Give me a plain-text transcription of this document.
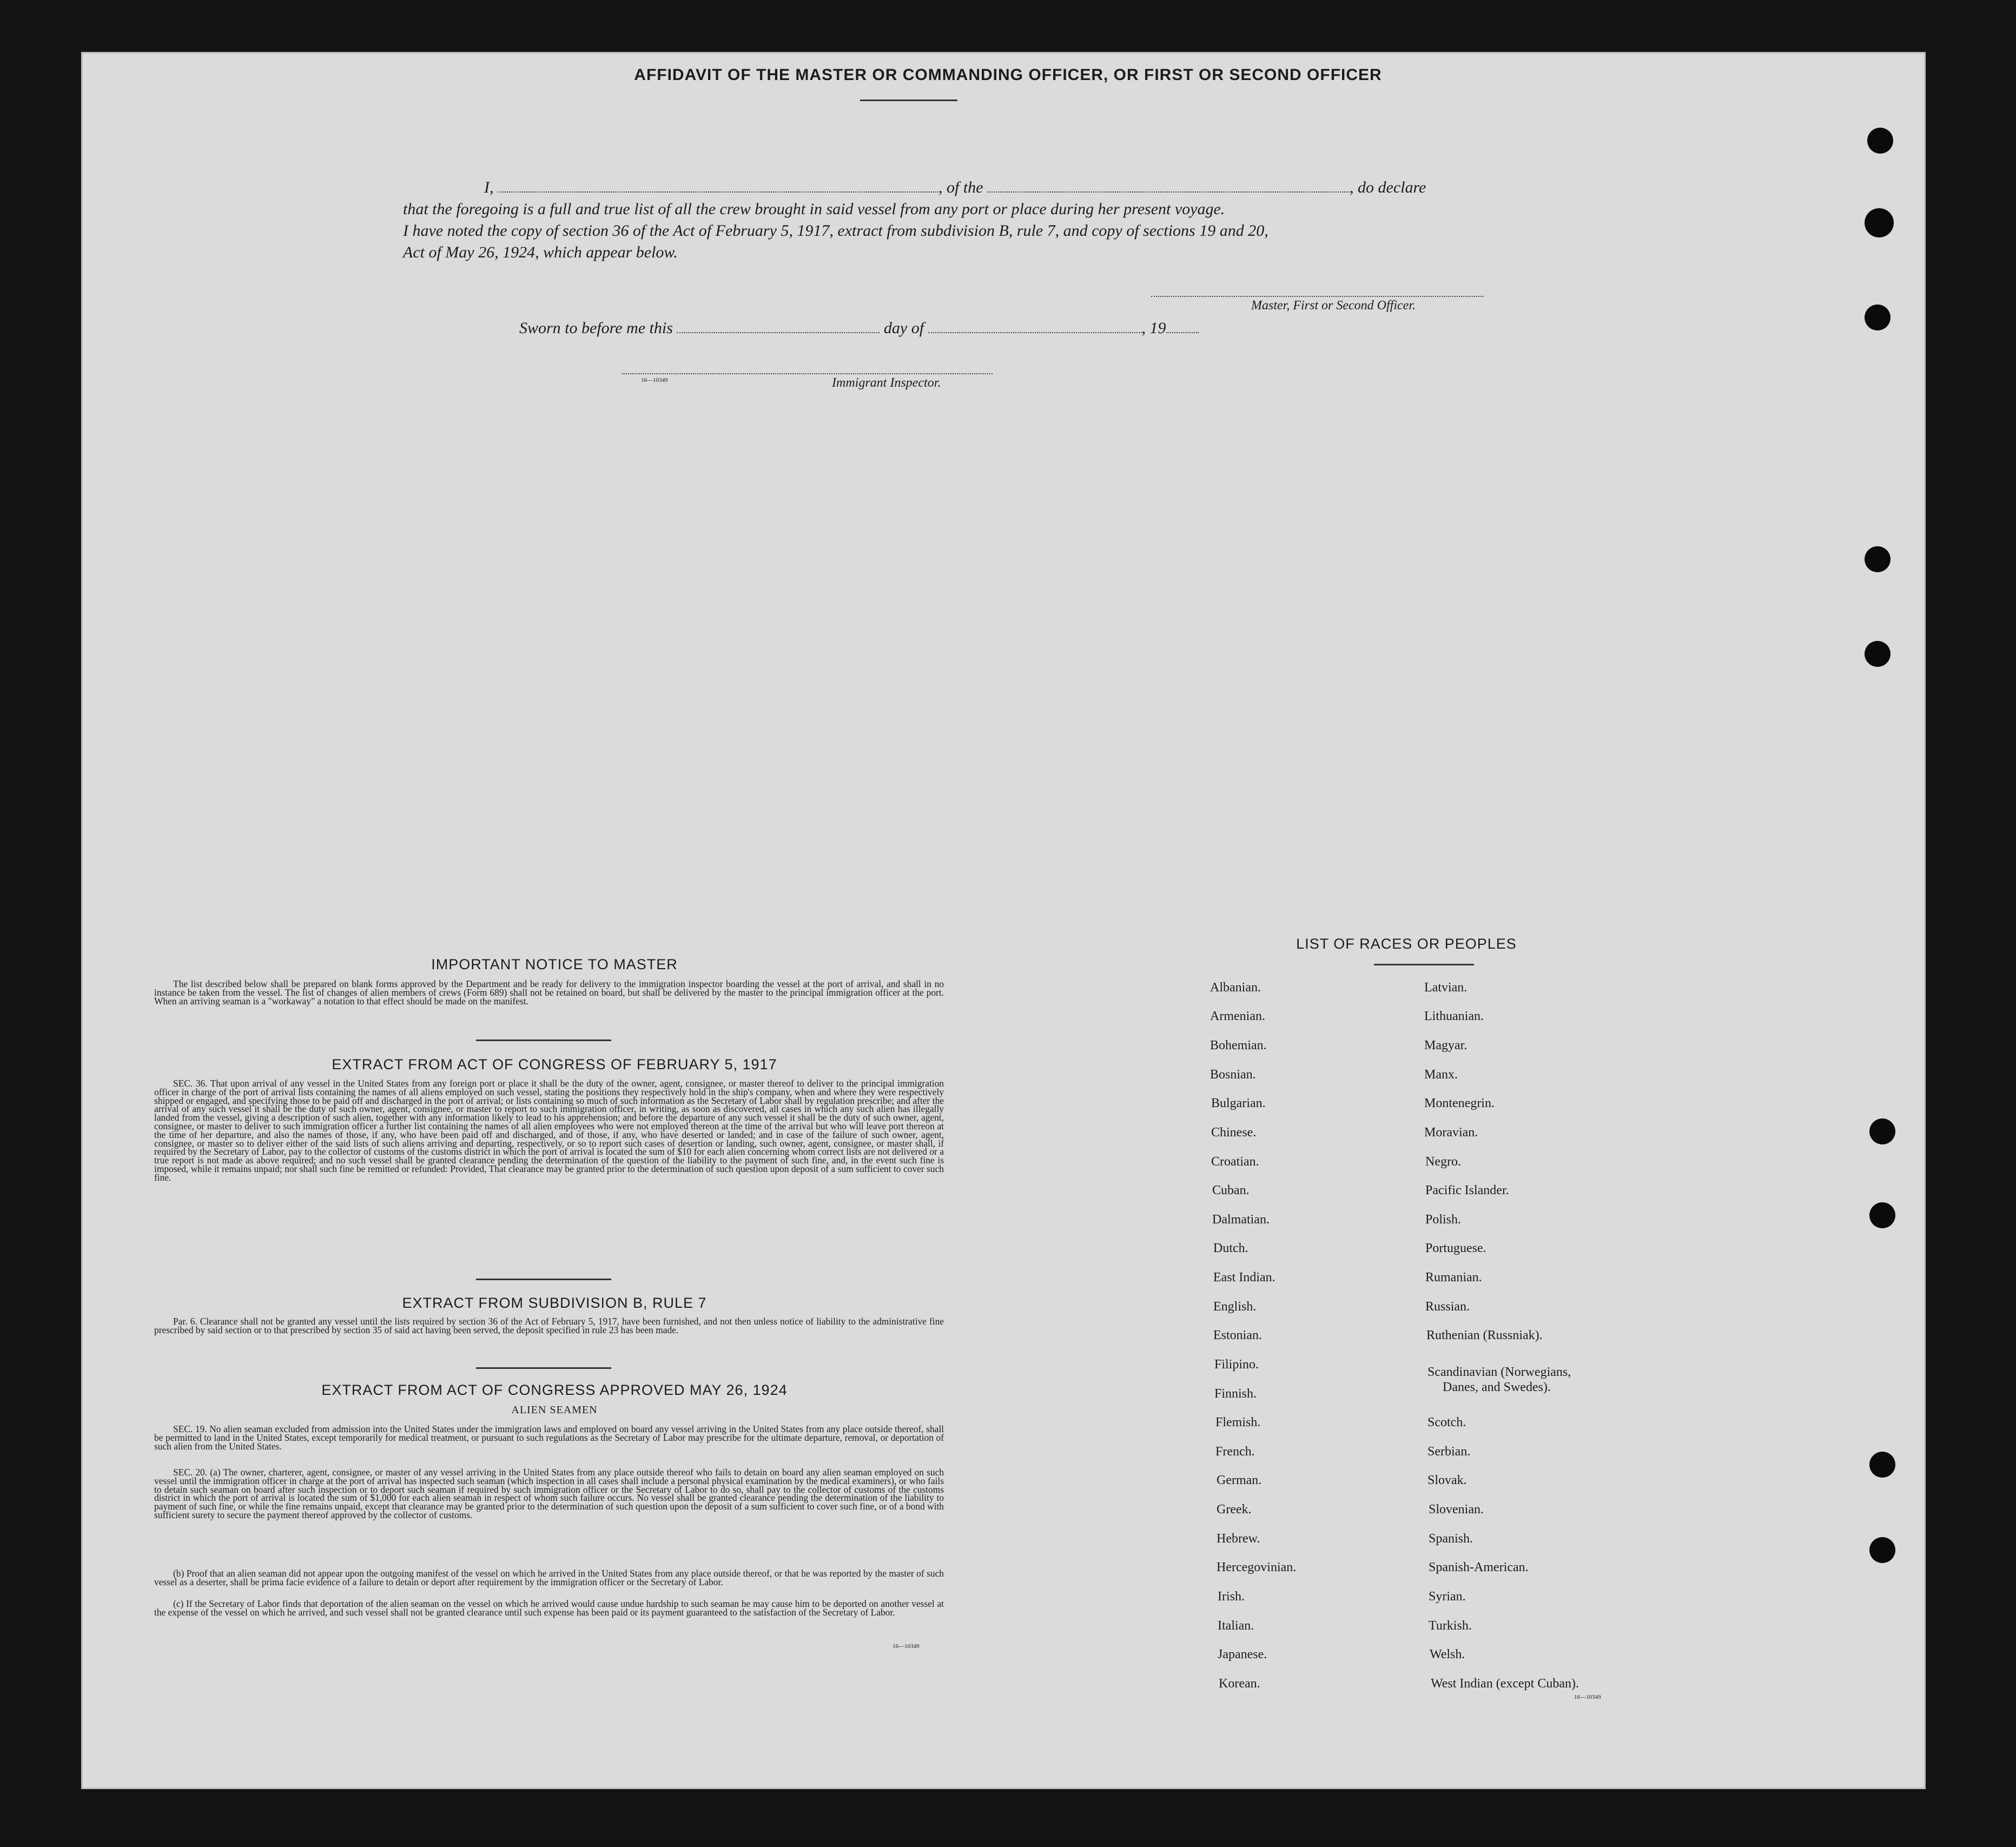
AFFIDAVIT OF THE MASTER OR COMMANDING OFFICER, OR FIRST OR SECOND OFFICER
I,	, of the	, do declare
that the foregoing is a full and true list of all the crew brought in said vessel from any port or place during her present voyage.
I have noted the copy of section 36 of the Act of February 5, 1917, extract from subdivision B, rule 7, and copy of sections 19 and 20,
Act of May 26, 1924, which appear below.
Master, First or Second Officer.
Sworn to before me this	day of	, 19
16—10349	Immigrant Inspector.
IMPORTANT NOTICE TO MASTER
The list described below shall be prepared on blank forms approved by the Department and be ready for delivery to the immigration inspector boarding the vessel at the port of arrival, and shall in no instance be taken from the vessel. The list of changes of alien members of crews (Form 689) shall not be retained on board, but shall be delivered by the master to the principal immigration officer at the port. When an arriving seaman is a "workaway" a notation to that effect should be made on the manifest.
EXTRACT FROM ACT OF CONGRESS OF FEBRUARY 5, 1917
SEC. 36. That upon arrival of any vessel in the United States from any foreign port or place it shall be the duty of the owner, agent, consignee, or master thereof to deliver to the principal immigration officer in charge of the port of arrival lists containing the names of all aliens employed on such vessel, stating the positions they respectively hold in the ship's company, when and where they were respectively shipped or engaged, and specifying those to be paid off and discharged in the port of arrival; or lists containing so much of such information as the Secretary of Labor shall by regulation prescribe; and after the arrival of any such vessel it shall be the duty of such owner, agent, consignee, or master to report to such immigration officer, in writing, as soon as discovered, all cases in which any such alien has illegally landed from the vessel, giving a description of such alien, together with any information likely to lead to his apprehension; and before the departure of any such vessel it shall be the duty of such owner, agent, consignee, or master to deliver to such immigration officer a further list containing the names of all alien employees who were not employed thereon at the time of the arrival but who will leave port thereon at the time of her departure, and also the names of those, if any, who have been paid off and discharged, and of those, if any, who have deserted or landed; and in case of the failure of such owner, agent, consignee, or master so to deliver either of the said lists of such aliens arriving and departing, respectively, or so to report such cases of desertion or landing, such owner, agent, consignee, or master shall, if required by the Secretary of Labor, pay to the collector of customs of the customs district in which the port of arrival is located the sum of $10 for each alien concerning whom correct lists are not delivered or a true report is not made as above required; and no such vessel shall be granted clearance pending the determination of the question of the liability to the payment of such fine, and, in the event such fine is imposed, while it remains unpaid; nor shall such fine be remitted or refunded: Provided, That clearance may be granted prior to the determination of such question upon deposit of a sum sufficient to cover such fine.
EXTRACT FROM SUBDIVISION B, RULE 7
Par. 6. Clearance shall not be granted any vessel until the lists required by section 36 of the Act of February 5, 1917, have been furnished, and not then unless notice of liability to the administrative fine prescribed by said section or to that prescribed by section 35 of said act having been served, the deposit specified in rule 23 has been made.
EXTRACT FROM ACT OF CONGRESS APPROVED MAY 26, 1924
ALIEN SEAMEN
SEC. 19. No alien seaman excluded from admission into the United States under the immigration laws and employed on board any vessel arriving in the United States from any place outside thereof, shall be permitted to land in the United States, except temporarily for medical treatment, or pursuant to such regulations as the Secretary of Labor may prescribe for the ultimate departure, removal, or deportation of such alien from the United States.
SEC. 20. (a) The owner, charterer, agent, consignee, or master of any vessel arriving in the United States from any place outside thereof who fails to detain on board any alien seaman employed on such vessel until the immigration officer in charge at the port of arrival has inspected such seaman (which inspection in all cases shall include a personal physical examination by the medical examiners), or who fails to detain such seaman on board after such inspection or to deport such seaman if required by such immigration officer or the Secretary of Labor to do so, shall pay to the collector of customs of the customs district in which the port of arrival is located the sum of $1,000 for each alien seaman in respect of whom such failure occurs. No vessel shall be granted clearance pending the determination of the liability to payment of such fine, or while the fine remains unpaid, except that clearance may be granted prior to the determination of such question upon the deposit of a sum sufficient to cover such fine, or of a bond with sufficient surety to secure the payment thereof approved by the collector of customs.
(b) Proof that an alien seaman did not appear upon the outgoing manifest of the vessel on which he arrived in the United States from any place outside thereof, or that he was reported by the master of such vessel as a deserter, shall be prima facie evidence of a failure to detain or deport after requirement by the immigration officer or the Secretary of Labor.
(c) If the Secretary of Labor finds that deportation of the alien seaman on the vessel on which he arrived would cause undue hardship to such seaman he may cause him to be deported on another vessel at the expense of the vessel on which he arrived, and such vessel shall not be granted clearance until such expense has been paid or its payment guaranteed to the satisfaction of the Secretary of Labor.
16—10349
LIST OF RACES OR PEOPLES
Albanian.
Armenian.
Bohemian.
Bosnian.
Bulgarian.
Chinese.
Croatian.
Cuban.
Dalmatian.
Dutch.
East Indian.
English.
Estonian.
Filipino.
Finnish.
Flemish.
French.
German.
Greek.
Hebrew.
Hercegovinian.
Irish.
Italian.
Japanese.
Korean.
Latvian.
Lithuanian.
Magyar.
Manx.
Montenegrin.
Moravian.
Negro.
Pacific Islander.
Polish.
Portuguese.
Rumanian.
Russian.
Ruthenian (Russniak).
Scandinavian (Norwegians,
Danes, and Swedes).
Scotch.
Serbian.
Slovak.
Slovenian.
Spanish.
Spanish-American.
Syrian.
Turkish.
Welsh.
West Indian (except Cuban).
16—10349
